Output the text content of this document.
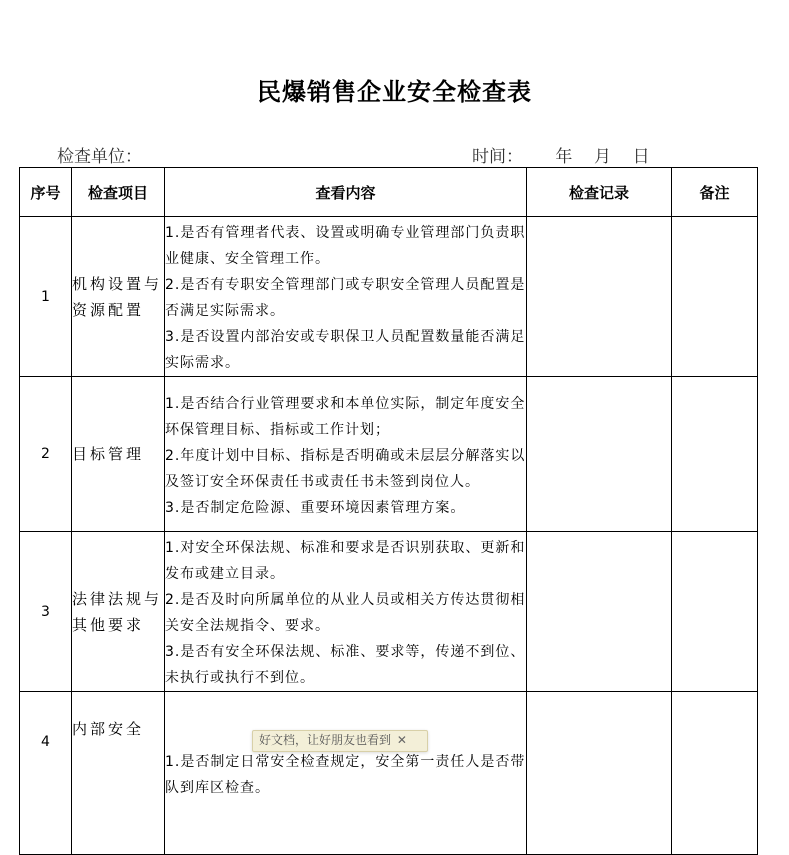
民爆销售企业安全检查表
检查单位：	时间：      年    月    日
序号	检查项目	查看内容	检查记录	备注
1	机构设置与资源配置	1.是否有管理者代表、设置或明确专业管理部门负责职业健康、安全管理工作。

2.是否有专职安全管理部门或专职安全管理人员配置是否满足实际需求。

3.是否设置内部治安或专职保卫人员配置数量能否满足实际需求。		

2	目标管理	1.是否结合行业管理要求和本单位实际，制定年度安全环保管理目标、指标或工作计划；

2.年度计划中目标、指标是否明确或未层层分解落实以及签订安全环保责任书或责任书未签到岗位人。

3.是否制定危险源、重要环境因素管理方案。		

3	法律法规与其他要求	1.对安全环保法规、标准和要求是否识别获取、更新和发布或建立目录。

2.是否及时向所属单位的从业人员或相关方传达贯彻相关安全法规指令、要求。

3.是否有安全环保法规、标准、要求等，传递不到位、未执行或执行不到位。		

4	内部安全	1.是否制定日常安全检查规定，安全第一责任人是否带队到库区检查。		

好文档，让好朋友也看到 ✕
